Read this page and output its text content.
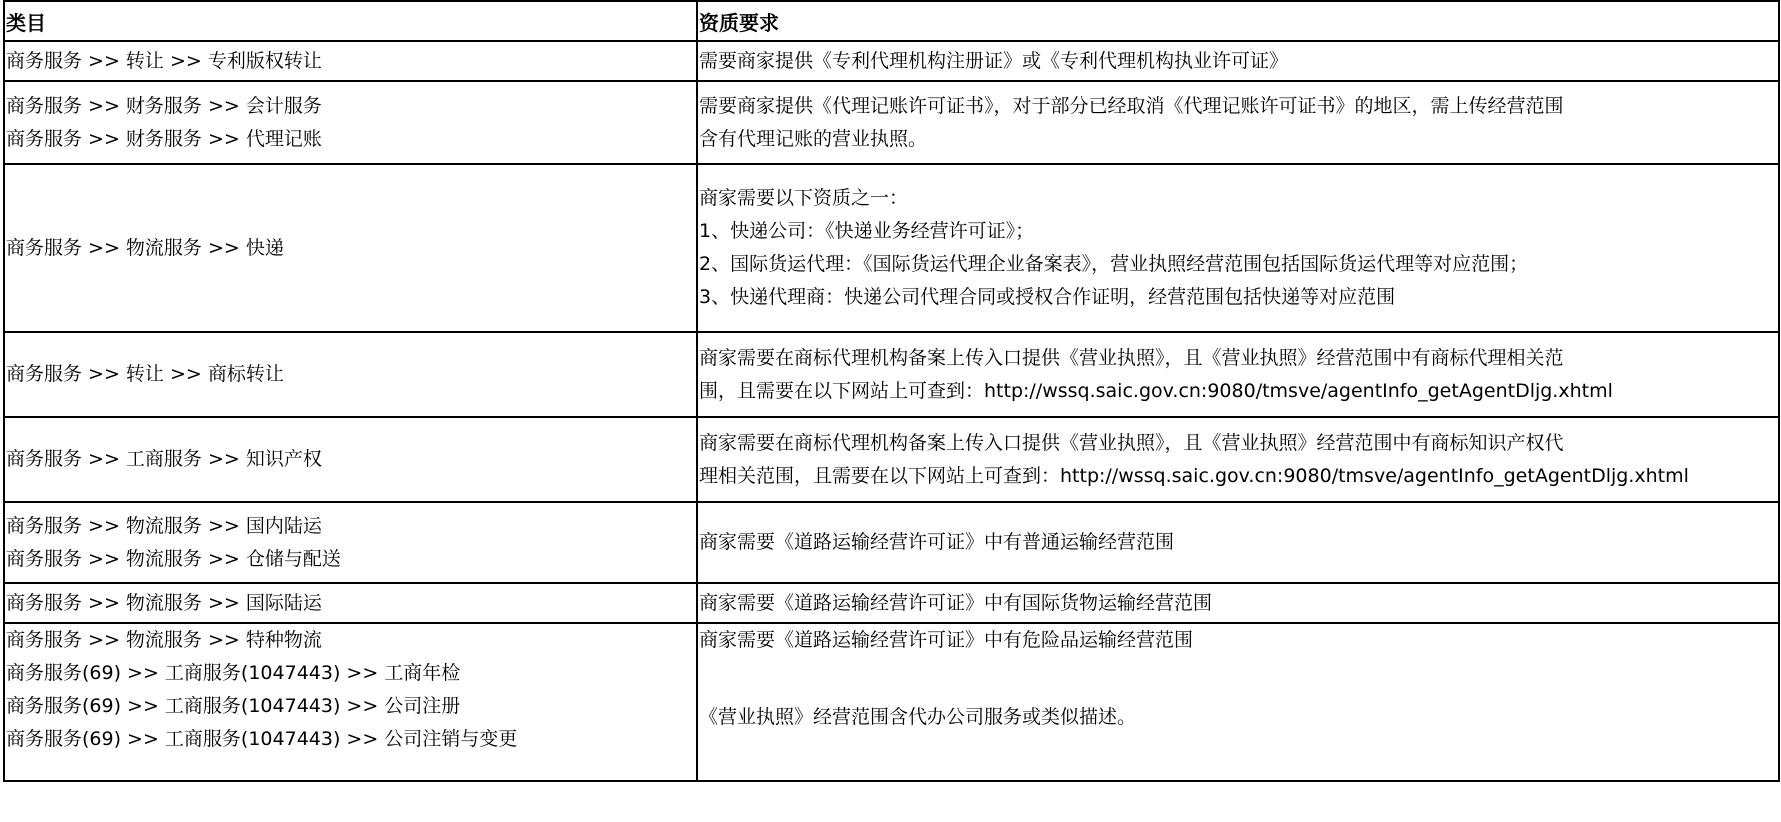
类目	资质要求

商务服务 >> 转让 >> 专利版权转让	需要商家提供《专利代理机构注册证》或《专利代理机构执业许可证》

商务服务 >> 财务服务 >> 会计服务
商务服务 >> 财务服务 >> 代理记账	需要商家提供《代理记账许可证书》，对于部分已经取消《代理记账许可证书》的地区，需上传经营范围
含有代理记账的营业执照。

商务服务 >> 物流服务 >> 快递	商家需要以下资质之一：
1、快递公司：《快递业务经营许可证》；
2、国际货运代理：《国际货运代理企业备案表》，营业执照经营范围包括国际货运代理等对应范围；
3、快递代理商：快递公司代理合同或授权合作证明，经营范围包括快递等对应范围

商务服务 >> 转让 >> 商标转让	商家需要在商标代理机构备案上传入口提供《营业执照》，且《营业执照》经营范围中有商标代理相关范
围，且需要在以下网站上可查到：http://wssq.saic.gov.cn:9080/tmsve/agentInfo_getAgentDljg.xhtml

商务服务 >> 工商服务 >> 知识产权	商家需要在商标代理机构备案上传入口提供《营业执照》，且《营业执照》经营范围中有商标知识产权代
理相关范围，且需要在以下网站上可查到：http://wssq.saic.gov.cn:9080/tmsve/agentInfo_getAgentDljg.xhtml

商务服务 >> 物流服务 >> 国内陆运
商务服务 >> 物流服务 >> 仓储与配送	商家需要《道路运输经营许可证》中有普通运输经营范围

商务服务 >> 物流服务 >> 国际陆运	商家需要《道路运输经营许可证》中有国际货物运输经营范围

商务服务 >> 物流服务 >> 特种物流
商务服务(69) >> 工商服务(1047443) >> 工商年检
商务服务(69) >> 工商服务(1047443) >> 公司注册
商务服务(69) >> 工商服务(1047443) >> 公司注销与变更	商家需要《道路运输经营许可证》中有危险品运输经营范围
《营业执照》经营范围含代办公司服务或类似描述。
